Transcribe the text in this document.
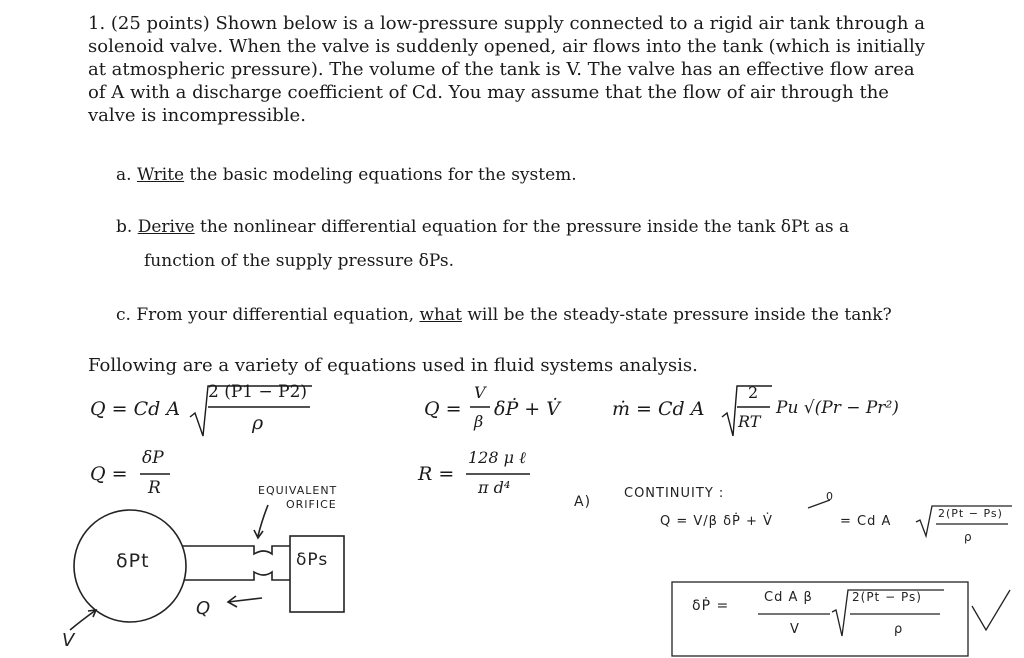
1. (25 points) Shown below is a low-pressure supply connected to a rigid air tank through a
solenoid valve. When the valve is suddenly opened, air flows into the tank (which is initially
at atmospheric pressure). The volume of the tank is V. The valve has an effective flow area
of A with a discharge coefficient of Cd. You may assume that the flow of air through the
valve is incompressible.
a. Write the basic modeling equations for the system.
b. Derive the nonlinear differential equation for the pressure inside the tank δPt as a
function of the supply pressure δPs.
c. From your differential equation, what will be the steady-state pressure inside the tank?
Following are a variety of equations used in fluid systems analysis.
Q = Cd A
2 (P1 − P2)
ρ
Q =
V
β
δṖ + V̇	ṁ = Cd A
2
RT
Pu √(Pr − Pr²)
Q =
δP
R
R =
128 μ ℓ
π d⁴
EQUIVALENT
ORIFICE
δPt	δPs
Q
V
A)
CONTINUITY :
Q = V/β δṖ + V̇
0
= Cd A
2(Pt − Ps)
ρ
δṖ =
Cd A β
V
2(Pt − Ps)
ρ
